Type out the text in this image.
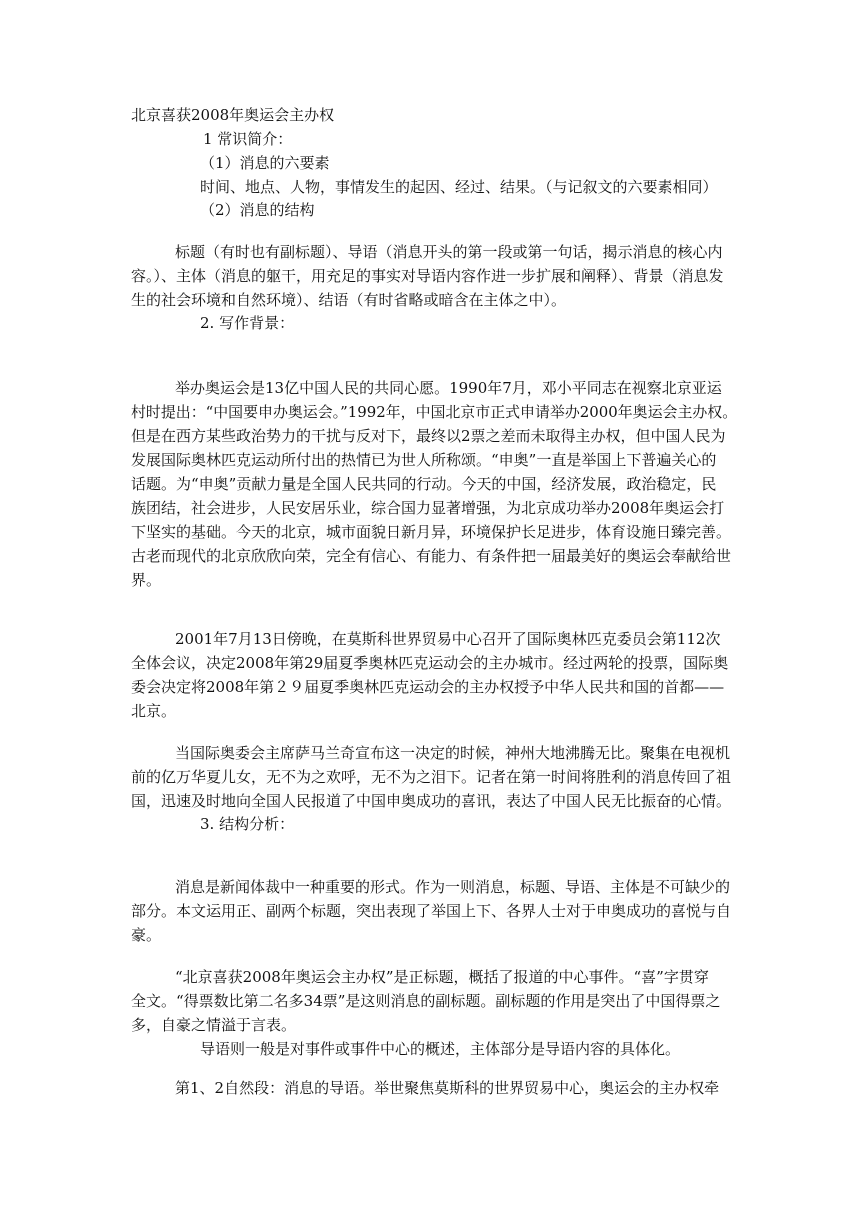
北京喜获2008年奥运会主办权
1 常识简介：
（1）消息的六要素
时间、地点、人物，事情发生的起因、经过、结果。（与记叙文的六要素相同）
（2）消息的结构
标题（有时也有副标题）、导语（消息开头的第一段或第一句话，揭示消息的核心内
容。）、主体（消息的躯干，用充足的事实对导语内容作进一步扩展和阐释）、背景（消息发
生的社会环境和自然环境）、结语（有时省略或暗含在主体之中）。
2. 写作背景：
举办奥运会是13亿中国人民的共同心愿。1990年7月，邓小平同志在视察北京亚运
村时提出：“中国要申办奥运会。”1992年，中国北京市正式申请举办2000年奥运会主办权。
但是在西方某些政治势力的干扰与反对下，最终以2票之差而未取得主办权，但中国人民为
发展国际奥林匹克运动所付出的热情已为世人所称颂。“申奥”一直是举国上下普遍关心的
话题。为“申奥”贡献力量是全国人民共同的行动。今天的中国，经济发展，政治稳定，民
族团结，社会进步，人民安居乐业，综合国力显著增强，为北京成功举办2008年奥运会打
下坚实的基础。今天的北京，城市面貌日新月异，环境保护长足进步，体育设施日臻完善。
古老而现代的北京欣欣向荣，完全有信心、有能力、有条件把一届最美好的奥运会奉献给世
界。
2001年7月13日傍晚，在莫斯科世界贸易中心召开了国际奥林匹克委员会第112次
全体会议，决定2008年第29届夏季奥林匹克运动会的主办城市。经过两轮的投票，国际奥
委会决定将2008年第２９届夏季奥林匹克运动会的主办权授予中华人民共和国的首都——
北京。
当国际奥委会主席萨马兰奇宣布这一决定的时候，神州大地沸腾无比。聚集在电视机
前的亿万华夏儿女，无不为之欢呼，无不为之泪下。记者在第一时间将胜利的消息传回了祖
国，迅速及时地向全国人民报道了中国申奥成功的喜讯，表达了中国人民无比振奋的心情。
3. 结构分析：
消息是新闻体裁中一种重要的形式。作为一则消息，标题、导语、主体是不可缺少的
部分。本文运用正、副两个标题，突出表现了举国上下、各界人士对于申奥成功的喜悦与自
豪。
“北京喜获2008年奥运会主办权”是正标题，概括了报道的中心事件。“喜”字贯穿
全文。“得票数比第二名多34票”是这则消息的副标题。副标题的作用是突出了中国得票之
多，自豪之情溢于言表。
导语则一般是对事件或事件中心的概述，主体部分是导语内容的具体化。
第1、2自然段：消息的导语。举世聚焦莫斯科的世界贸易中心，奥运会的主办权牵
